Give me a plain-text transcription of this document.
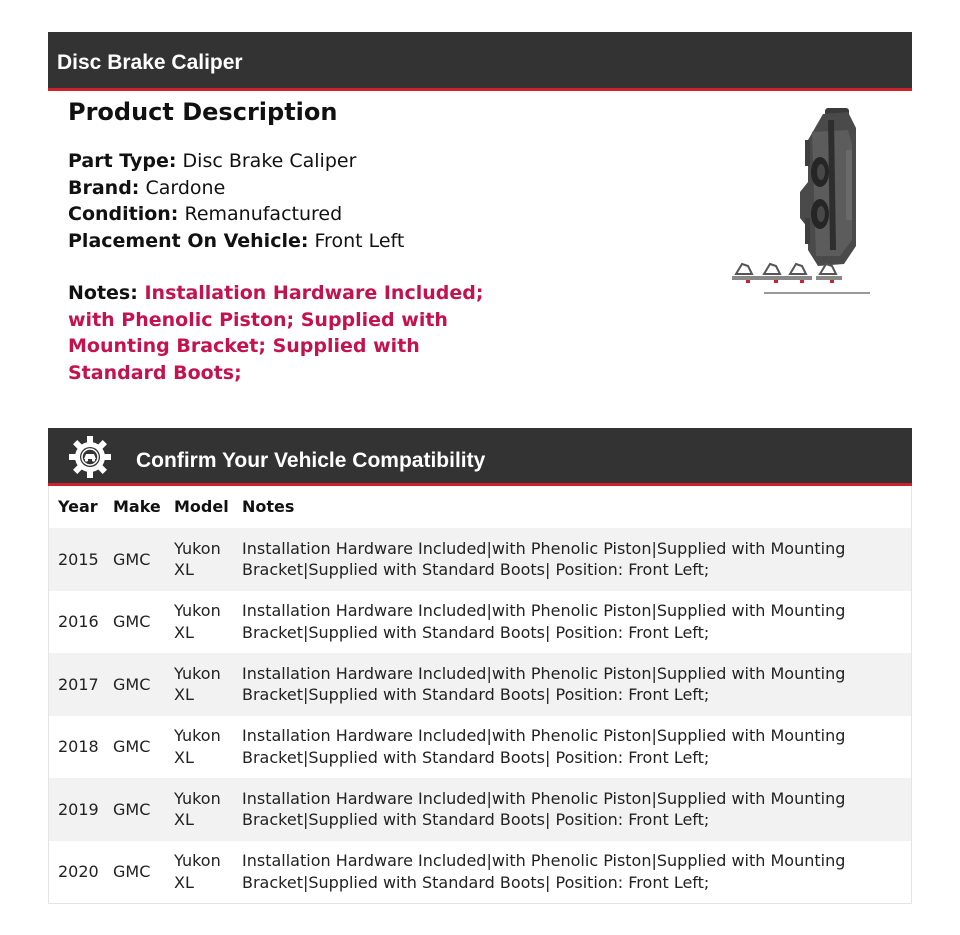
Disc Brake Caliper
Product Description
Part Type: Disc Brake Caliper
Brand: Cardone
Condition: Remanufactured
Placement On Vehicle: Front Left
Notes: Installation Hardware Included; with Phenolic Piston; Supplied with Mounting Bracket; Supplied with Standard Boots;
Confirm Your Vehicle Compatibility
Year Make Model Notes
2015 GMC
Yukon XL
Installation Hardware Included|with Phenolic Piston|Supplied with Mounting Bracket|Supplied with Standard Boots| Position: Front Left;
2016 GMC
Yukon XL
Installation Hardware Included|with Phenolic Piston|Supplied with Mounting Bracket|Supplied with Standard Boots| Position: Front Left;
2017 GMC
Yukon XL
Installation Hardware Included|with Phenolic Piston|Supplied with Mounting Bracket|Supplied with Standard Boots| Position: Front Left;
2018 GMC
Yukon XL
Installation Hardware Included|with Phenolic Piston|Supplied with Mounting Bracket|Supplied with Standard Boots| Position: Front Left;
2019 GMC
Yukon XL
Installation Hardware Included|with Phenolic Piston|Supplied with Mounting Bracket|Supplied with Standard Boots| Position: Front Left;
2020 GMC
Yukon XL
Installation Hardware Included|with Phenolic Piston|Supplied with Mounting Bracket|Supplied with Standard Boots| Position: Front Left;
